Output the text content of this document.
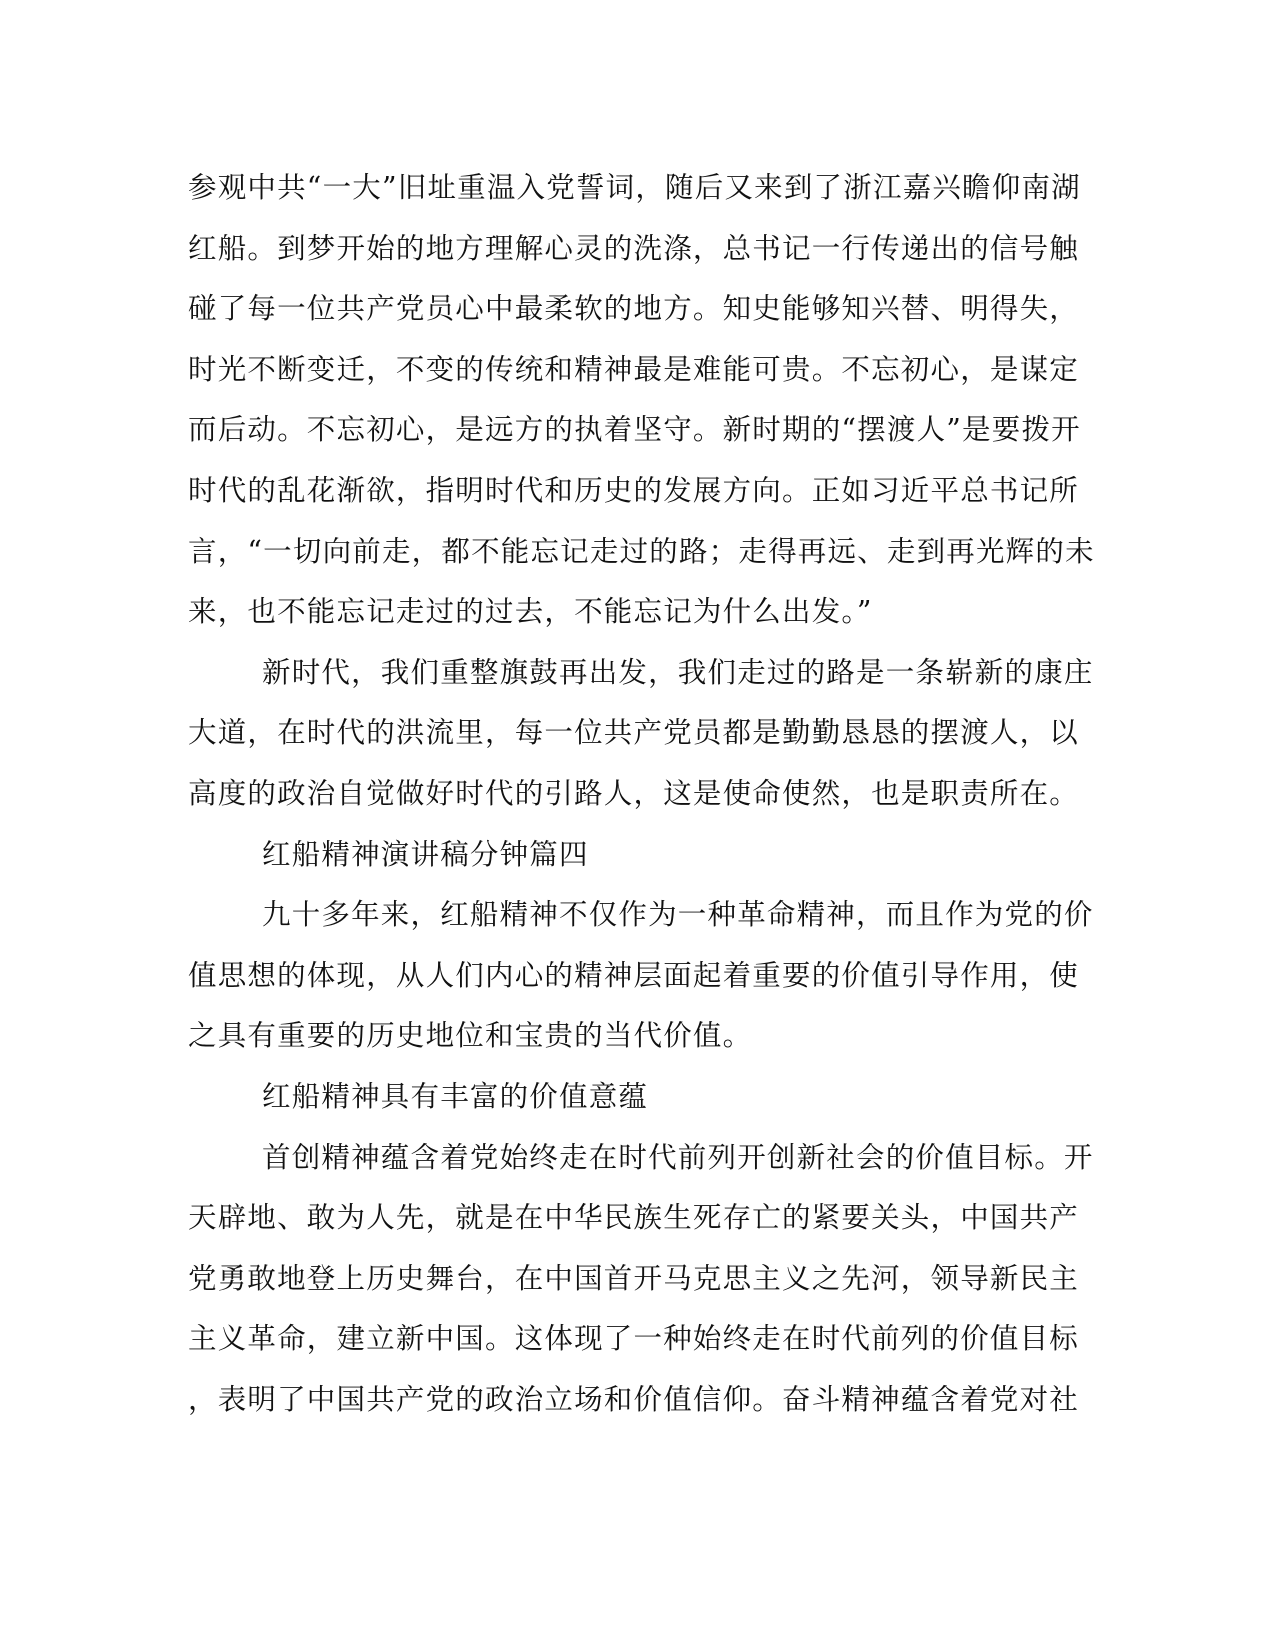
参观中共“一大”旧址重温入党誓词，随后又来到了浙江嘉兴瞻仰南湖
红船。到梦开始的地方理解心灵的洗涤，总书记一行传递出的信号触
碰了每一位共产党员心中最柔软的地方。知史能够知兴替、明得失，
时光不断变迁，不变的传统和精神最是难能可贵。不忘初心，是谋定
而后动。不忘初心，是远方的执着坚守。新时期的“摆渡人”是要拨开
时代的乱花渐欲，指明时代和历史的发展方向。正如习近平总书记所
言，“一切向前走，都不能忘记走过的路；走得再远、走到再光辉的未
来，也不能忘记走过的过去，不能忘记为什么出发。”
新时代，我们重整旗鼓再出发，我们走过的路是一条崭新的康庄
大道，在时代的洪流里，每一位共产党员都是勤勤恳恳的摆渡人，以
高度的政治自觉做好时代的引路人，这是使命使然，也是职责所在。
红船精神演讲稿分钟篇四
九十多年来，红船精神不仅作为一种革命精神，而且作为党的价
值思想的体现，从人们内心的精神层面起着重要的价值引导作用，使
之具有重要的历史地位和宝贵的当代价值。
红船精神具有丰富的价值意蕴
首创精神蕴含着党始终走在时代前列开创新社会的价值目标。开
天辟地、敢为人先，就是在中华民族生死存亡的紧要关头，中国共产
党勇敢地登上历史舞台，在中国首开马克思主义之先河，领导新民主
主义革命，建立新中国。这体现了一种始终走在时代前列的价值目标
，表明了中国共产党的政治立场和价值信仰。奋斗精神蕴含着党对社
